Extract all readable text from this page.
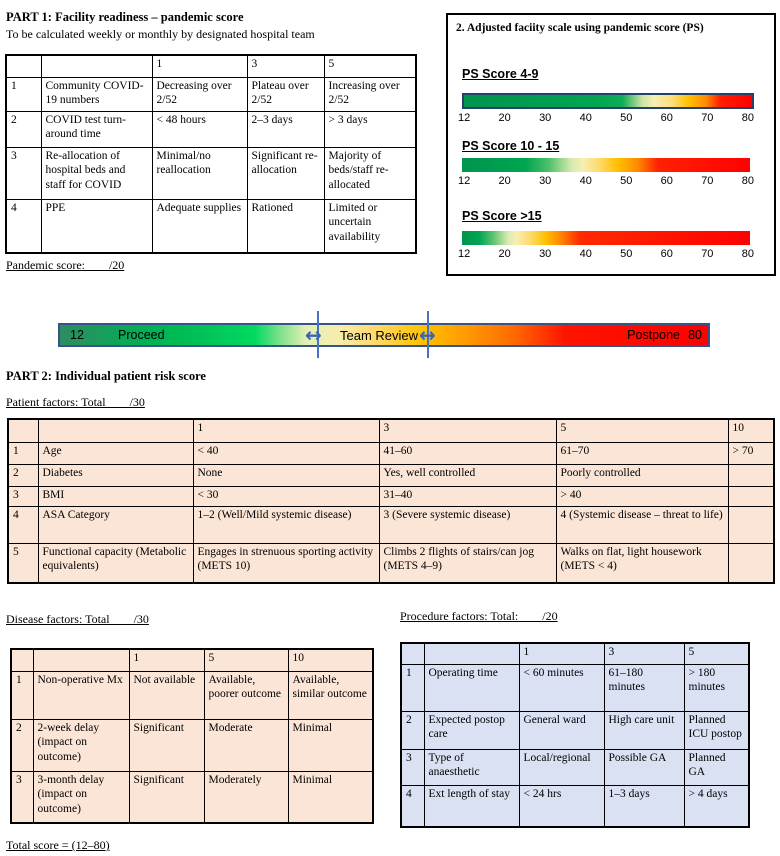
PART 1: Facility readiness – pandemic score
To be calculated weekly or monthly by designated hospital team
		1	3	5
1	Community COVID-19 numbers	Decreasing over 2/52	Plateau over 2/52	Increasing over 2/52
2	COVID test turn-around time	< 48 hours	2–3 days	> 3 days
3	Re-allocation of hospital beds and staff for COVID	Minimal/no reallocation	Significant re-allocation	Majority of beds/staff re-allocated
4	PPE	Adequate supplies	Rationed	Limited or uncertain availability
Pandemic score:        /20
2. Adjusted faciity scale using pandemic score (PS)
PS Score 4-9
12	20	30	40	50	60	70	80
PS Score 10 - 15
12	20	30	40	50	60	70	80
PS Score >15
12	20	30	40	50	60	70	80
12	Proceed	↔ Team Review ↔	Postpone 80
PART 2: Individual patient risk score
Patient factors: Total        /30
		1	3	5	10
1	Age	< 40	41–60	61–70	> 70
2	Diabetes	None	Yes, well controlled	Poorly controlled	
3	BMI	< 30	31–40	> 40	
4	ASA Category	1–2 (Well/Mild systemic disease)	3 (Severe systemic disease)	4 (Systemic disease – threat to life)	
5	Functional capacity (Metabolic equivalents)	Engages in strenuous sporting activity (METS 10)	Climbs 2 flights of stairs/can jog (METS 4–9)	Walks on flat, light housework (METS < 4)	
Disease factors: Total        /30
		1	5	10
1	Non-operative Mx	Not available	Available, poorer outcome	Available, similar outcome
2	2-week delay (impact on outcome)	Significant	Moderate	Minimal
3	3-month delay (impact on outcome)	Significant	Moderately	Minimal
Total score = (12–80)
Procedure factors: Total:        /20
		1	3	5
1	Operating time	< 60 minutes	61–180 minutes	> 180 minutes
2	Expected postop care	General ward	High care unit	Planned ICU postop
3	Type of anaesthetic	Local/regional	Possible GA	Planned GA
4	Ext length of stay	< 24 hrs	1–3 days	> 4 days
